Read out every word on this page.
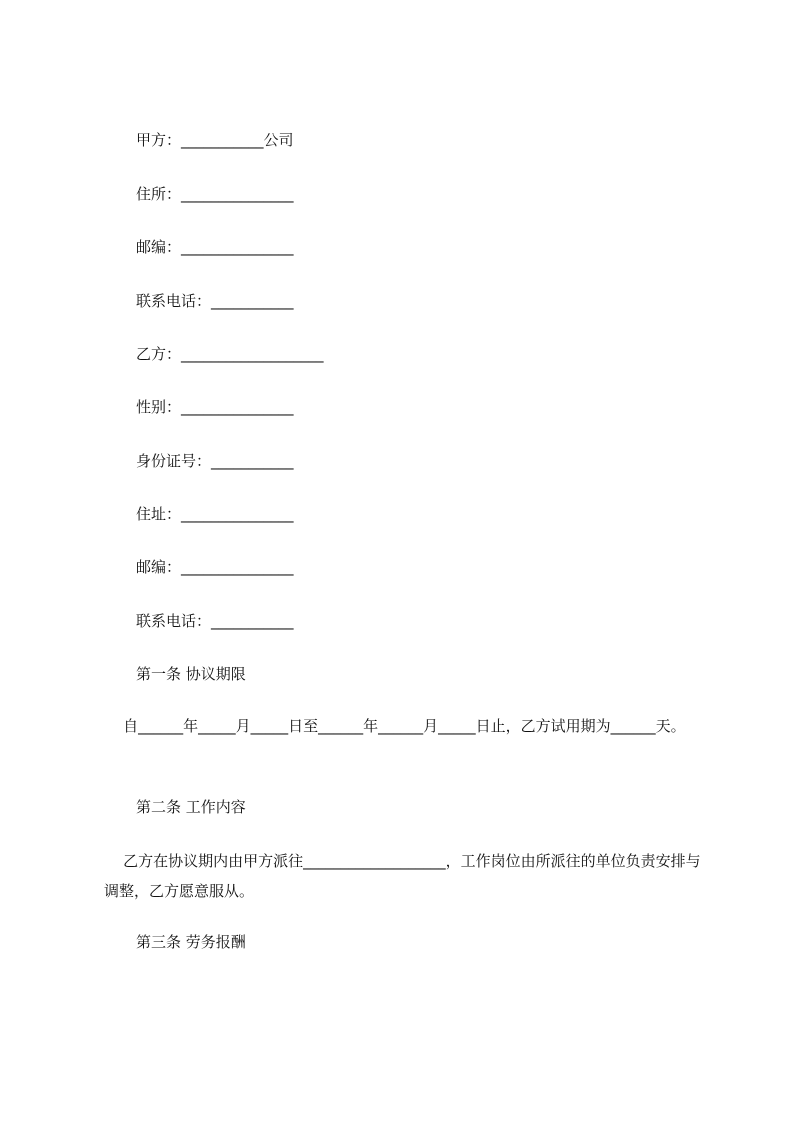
甲方：___________公司
住所：_______________
邮编：_______________
联系电话：___________
乙方：___________________
性别：_______________
身份证号：___________
住址：_______________
邮编：_______________
联系电话：___________
第一条 协议期限
自______年_____月_____日至______年______月_____日止，乙方试用期为______天。
第二条 工作内容
乙方在协议期内由甲方派往___________________，工作岗位由所派往的单位负责安排与调整，乙方愿意服从。
第三条 劳务报酬
